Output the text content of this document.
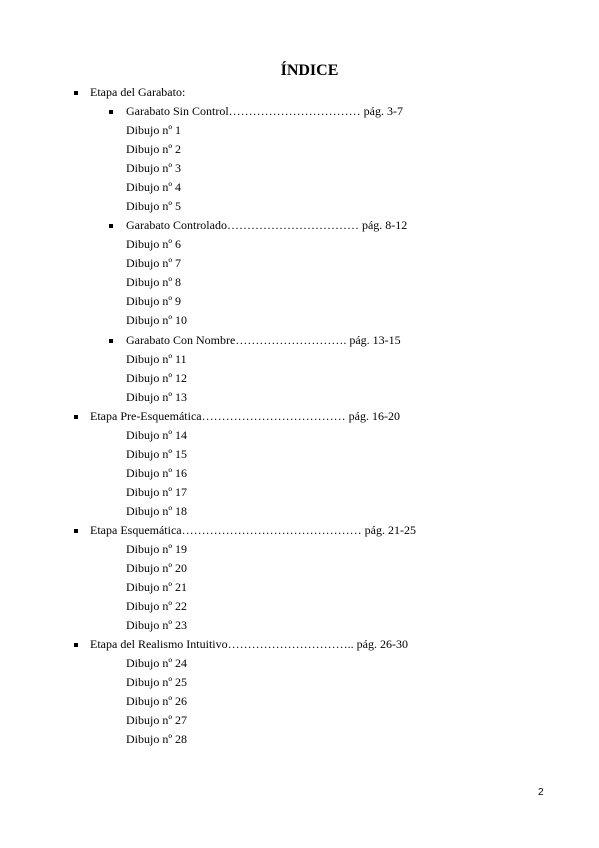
ÍNDICE
Etapa del Garabato:
Garabato Sin Control…………………………… pág. 3-7
Dibujo nº 1
Dibujo nº 2
Dibujo nº 3
Dibujo nº 4
Dibujo nº 5
Garabato Controlado…………………………… pág. 8-12
Dibujo nº 6
Dibujo nº 7
Dibujo nº 8
Dibujo nº 9
Dibujo nº 10
Garabato Con Nombre………………………. pág. 13-15
Dibujo nº 11
Dibujo nº 12
Dibujo nº 13
Etapa Pre-Esquemática……………………………… pág. 16-20
Dibujo nº 14
Dibujo nº 15
Dibujo nº 16
Dibujo nº 17
Dibujo nº 18
Etapa Esquemática……………………………………… pág. 21-25
Dibujo nº 19
Dibujo nº 20
Dibujo nº 21
Dibujo nº 22
Dibujo nº 23
Etapa del Realismo Intuitivo………………………….. pág. 26-30
Dibujo nº 24
Dibujo nº 25
Dibujo nº 26
Dibujo nº 27
Dibujo nº 28
2
